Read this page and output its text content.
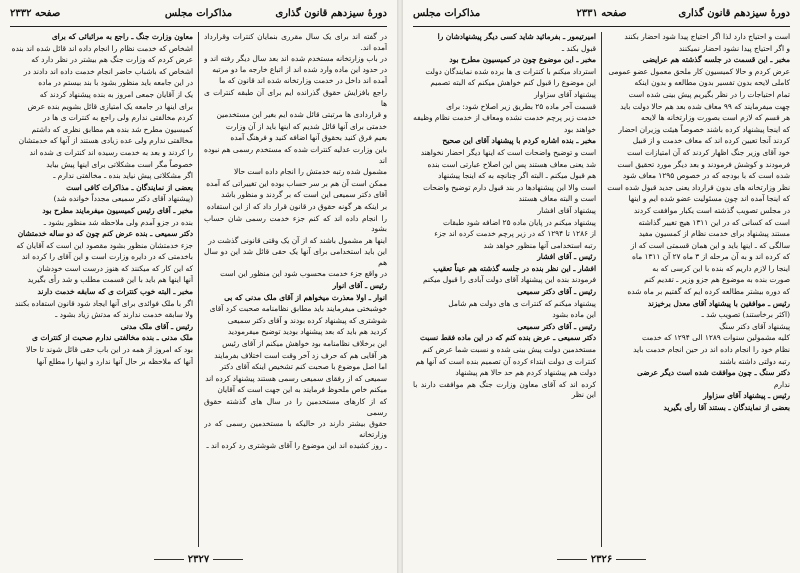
دورهٔ سیزدهم قانون گذاری
مذاکرات مجلس
صفحه ۲۳۳۲

در گفته اند برای یک سال مقرری بنمایان کنترات وقرارداد آمده اند.

در باب وزارتخانه مستخدم شده اند بعد سال دیگر رفته اند و در حدود این ماده وارد شده اند از اتباع خارجه ما دو مرتبه

آمده اند داخل در خدمت وزارتخانه شده اند قانون که ما

راجع بافزایش حقوق گذرانده ایم برای آن طبقه کنترات ی ها

و قراردادی ها مرتبتی قائل شده ایم بغیر این مستخدمین

خدمتی برای آنها قائل شدیم که اینها باید از آن وزارت

بعیم فرق کنید بحقوق آنها اضافه کنید و فرهنگ آمده

باین وزارت عدلیه کنترات شده که مستخدم رسمی هم نبوده اند

مشمول شده رتبه خدمتش را انجام داده است حالا

ممکن است آن هم بر سر حساب بوده این تغییراتی که آمده

آقای دکتر سمیعی این است که بر گردند و منظور باشد

بر اینکه هر گونه حقوق در قانون قرار داد که از این استفاده

را انجام داده اند که کنم جزء خدمت رسمی شان حساب بشود

اینها هر مشمول باشند که از آن یک وقتی قانونی گذشت در

این باید استخدامی برای آنها یک حقی قائل شد این دو سال هم

در واقع جزء خدمت محسوب شود این منظور این است

رئیس ـ آقای انوار

انوار ـ اولا معذرت میخواهم از آقای ملک مدنی که بی

خوشبختی میفرمایند باید مطابق نظامنامه صحبت کرد آقای

شوشتری که پیشنهاد کرده بودند و آقای دکتر سمیعی

کردید هم باید که بعد پیشنهاد بودید توضیح میفرمودید

این برخلاف نظامنامه بود خواهش میکنم از آقای رئیس

هر آقایی هم که حرف زد آخر وقت است اختلاف بفرمایند

اما اصل موضوع با صحبت کنم تشخیص اینکه آقای دکتر

سمیعی که از رفقای سمیعی رسمی هستند پیشنهاد کرده اند

میکنم خاص ملحوظ فرمایند به این جهت است که آقایان

که از کارهای مستخدمین را در سال های گذشته حقوق رسمی

حقوق بیشتر دارند در حالیکه با مستخدمین رسمی که در وزارتخانه

ـ روز کشیده اند این موضوع را آقای شوشتری رد کرده اند ـ

معاون وزارت جنگ ـ راجع به مرائبائی که برای

اشخاص که خدمت نظام را انجام داده اند قائل شده اند بنده

عرض کردم که وزارت جنگ هم بیشتر در نظر دارد که

اشخاص که باشباب حاضر انجام خدمت داده اند دادند در

در این جامعه باید منظور بشود با بند بیستم در ماده

یک از آقایان جمعی امروز به بنده پیشنهاد کردند که

برای اینها در جامعه یک امتیازی قائل بشویم بنده عرض

کردم مخالفتی ندارم ولی راجع به کنترات ی ها در

کمیسیون مطرح شد بنده هم مطابق نظری که داشتم

مخالفتی ندارم ولی عده زیادی هستند از آنها که خدمتشان

را کردند و بعد به خدمت رسیده اند کنترات ی شده اند

خصوصاً مگر است مشکلاتی برای اینها پیش بیاید

اگر مشکلاتی پیش نیاید بنده ـ مخالفتی ندارم ـ

بعضی از نمایندگان ـ مذاکرات کافی است

(پیشنهاد آقای دکتر سمیعی مجدداً خوانده شد)

مخبر ـ آقای رئیس کمیسیون میفرمایند مطرح بود

بنده در جزو آمدم ولی ملاحظه شد منظور بشود ـ

دکتر سمیعی ـ بنده عرض کنم چون که دو ساله خدمتشان

جزء خدمتشان منظور بشود مقصود این است که آقایان که

باخدمتی که در دایره وزارت است و این آقای را کرده اند

که این کار که میکنند که هنوز درست است خودشان

آنها اینها هم باید با این قسمت مطلب و شد رأی بگیرید

مخبر ـ البته خوب کنترات ی که سابقه خدمت دارند

اگر با ملک فوائدی برای آنها ایجاد شود قانون استفاده بکنند

ولا سابقه خدمت ندارند که مدتش زیاد بشود ـ

رئیس ـ آقای ملک مدنی

ملک مدنی ـ بنده مخالفتی ندارم صحبت از کنترات ی

بود که امروز از همه در این باب حقی قائل شوند تا حالا

آنها که ملاحظه بر حال آنها ندارد و اینها را مطلع آنها

۲۳۲۷
دورهٔ سیزدهم قانون گذاری
صفحه ۲۳۳۱
مذاکرات مجلس

است و احتیاج دارد لذا اگر احتیاج پیدا شود احضار بکنند

و اگر احتیاج پیدا نشود احضار نمیکنند

مخبر ـ این قسمت در جلسه گذشته هم عرایضی

عرض کردم و حالا کمیسیون کار ملحق معمول عضو عمومی

کاملی لایحه بدون تفسیر بدون مطالعه و بدون اینکه

تمام احتیاجات را در نظر بگیریم پیش بینی شده است

چهت میفرمایند که ۹۹ معاف شده بعد هم حالا دولت باید

هر قسم که لازم است بصورت وزارتخانه ها لایحه

که اینجا پیشنهاد کرده باشند خصوصاً هیئت وزیران احضار

کردند آنجا تعیین کرده اند که معاف خدمت و از قبیل

خود آقای وزیر جنگ اظهار کردند که آن امتیازات است

فرمودند و کوشش فرمودند و بعد دیگر مورد تحقیق است

شده است که با بودجه که در خصوص ۱۲۹۵ معاف شود

نظر وزارتخانه های بدون قرارداد یعنی جدید قبول شده است

که اینجا آمده اند چون مسئولیت عضو شده ایم و اینها

در مجلس تصویب گذشته است یکبار موافقت کردند

است که کسانی که در این ۱۳۱۱ هیچ تغییر گذاشته

مستند پیشنهاد برای خدمت نظام از کمسیون مفید

سالگی که ـ اینها باید و این همان قسمتی است که از

که کرده اند و به آن مرحله از ۳ ماه ۲۷ آن ۱۳۱۱ ماه

اینجا را لازم داریم که بنده با این کرسی که به

صورت بنده به موضوع هم جزو وزیر ـ تقدیم کنم

که دوره بیشتر مطالعه کرده ایم که گفتیم بر ماه شده

رئیس ـ موافقین با پیشنهاد آقای معدل برخیزند

(اکثر برخاستند) تصویب شد ـ

پیشنهاد آقای دکتر سنگ

کلیه مشمولین سنوات ۱۲۸۹ الی ۱۲۹۴ که خدمت

نظام خود را انجام داده اند در حین انجام خدمت باید

رتبه دولتی داشته باشند

دکتر سنگ ـ چون موافقت شده است دیگر عرضی

ندارم

رئیس ـ پیشنهاد آقای سزاوار

بعضی از نمایندگان ـ بستند آقا رأی بگیرید

امیرتیمور ـ بفرمائید شاید کسی دیگر پیشنهادشان را

قبول بکند ـ

مخبر ـ این موضوع چون در کمیسیون مطرح بود

استرداد میکنم با کنترات ی ها برده شده نمایندگان دولت

این موضوع را قبول کنم خواهش میکنم که البته تصمیم

پیشنهاد آقای سزاوار

قسمت آخر ماده ۲۵ بطریق زیر اصلاح شود: برای

خدمت زیر پرچم خدمت نشده ومعاف از خدمت نظام وظیفه

خواهند بود

مخبر ـ بنده اشاره کردم با پیشنهاد آقای این صحیح

است و توضیح واضحات است که اینها دیگر احضار نخواهند

شد یعنی معاف هستند پس این اصلاح عبارتی است بنده

هم قبول میکنم ـ البته اگر چنانچه به که اینجا پیشنهاد

است والا این پیشنهادها در بند قبول دارم توضیح واضحات

است و البته معاف هستند

پیشنهاد آقای افشار

پیشنهاد میکنم در پایان ماده ۲۵ اضافه شود طبقات

از ۱۲۸۶ تا ۱۲۹۴ که در زیر پرچم خدمت کرده اند جزء

رتبه استخدامی آنها منظور خواهد شد

رئیس ـ آقای افشار

افشار ـ این نظر بنده در جلسه گذشته هم عیناً تعقیب

فرمودند بنده این پیشنهاد آقای دولت آبادی را قبول میکنم

رئیس ـ آقای دکتر سمیعی

پیشنهاد میکنم که کنترات ی های دولت هم شامل

این ماده بشود

رئیس ـ آقای دکتر سمیعی

دکتر سمیعی ـ عرض بنده کنم که در این ماده فقط نسبت

مستخدمین دولت پیش بینی شده و نسبت شما عرض کنم

کنترات ی دولت ابتداء کرده آن تصمیم بنده است که آنها هم

دولت هم پیشنهاد کردم هم حد حالا هم پیشنهاد

کرده اند که آقای معاون وزارت جنگ هم موافقت دارند با این نظر

۲۳۲۶
